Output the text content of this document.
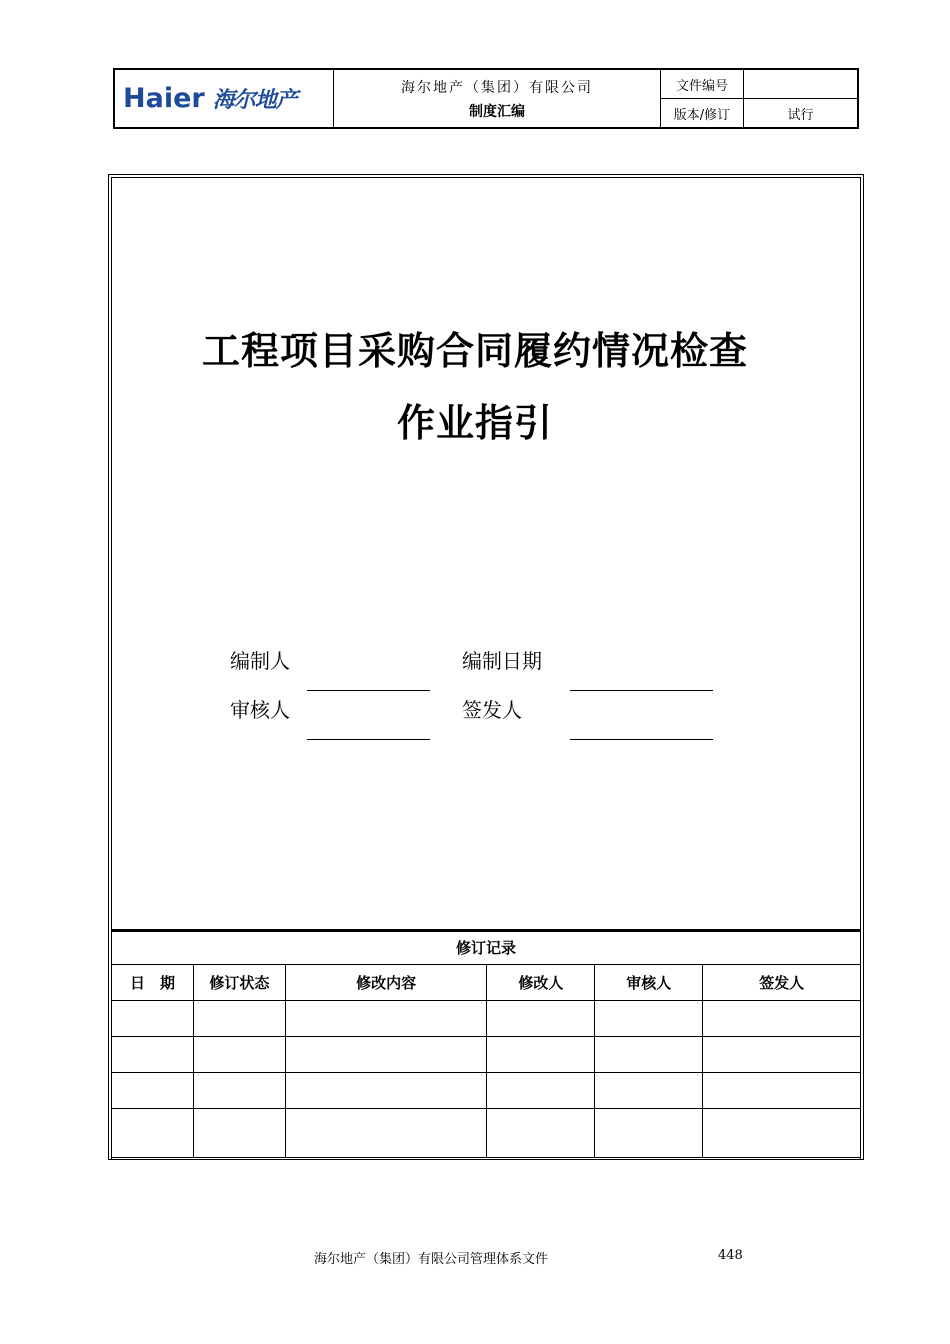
Haier 海尔地产	海尔地产（集团）有限公司
制度汇编
文件编号
版本/修订	试行
工程项目采购合同履约情况检查
作业指引
编制人	编制日期
审核人	签发人
修订记录					
日　期	修订状态	修改内容	修改人	审核人	签发人

海尔地产（集团）有限公司管理体系文件	448
